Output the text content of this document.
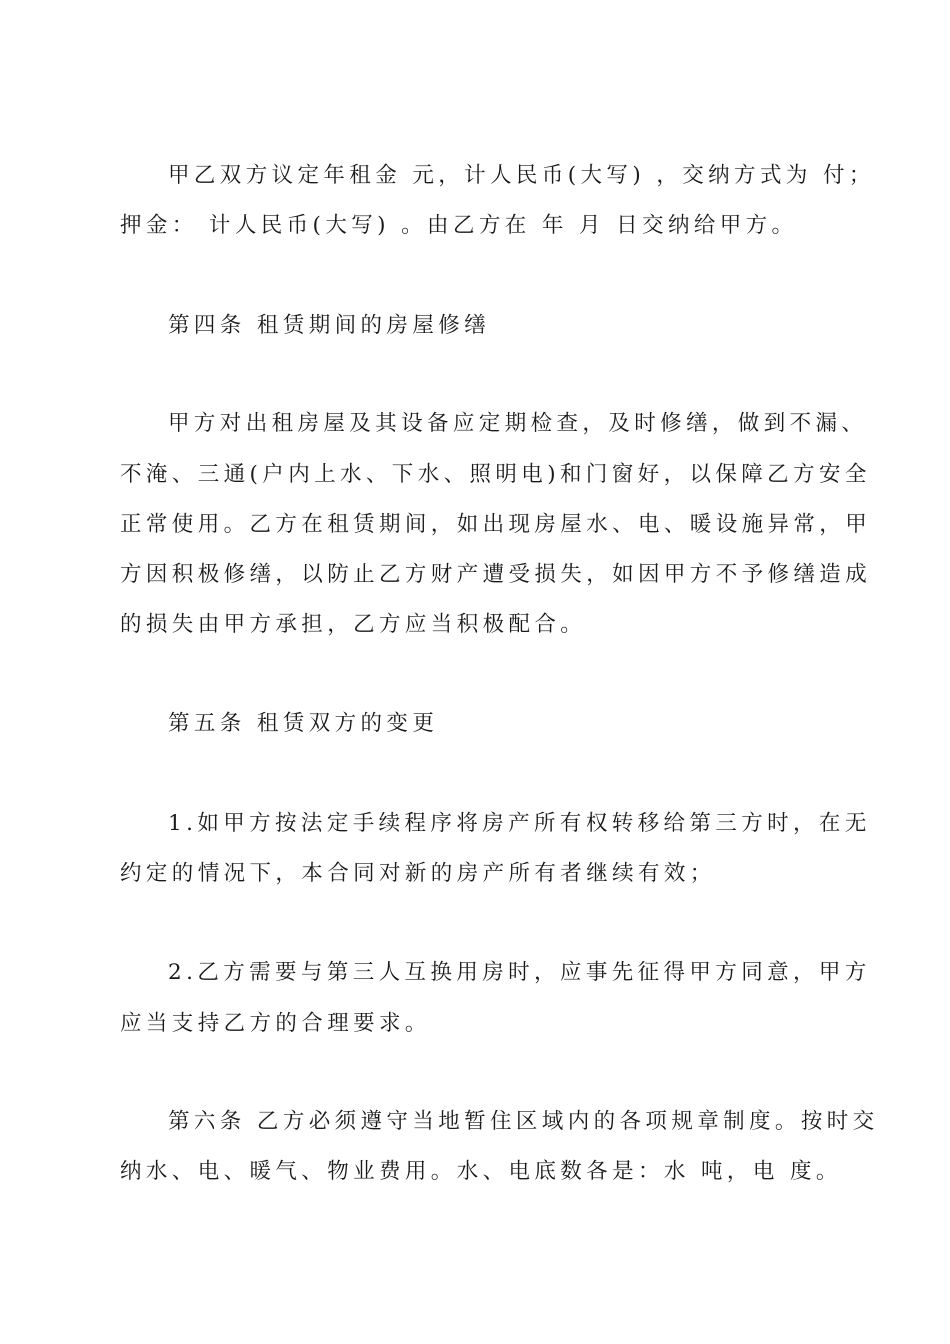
甲乙双方议定年租金 元，计人民币(大写) ，交纳方式为 付；
押金： 计人民币(大写) 。由乙方在 年 月 日交纳给甲方。
第四条 租赁期间的房屋修缮
甲方对出租房屋及其设备应定期检查，及时修缮，做到不漏、
不淹、三通(户内上水、下水、照明电)和门窗好，以保障乙方安全
正常使用。乙方在租赁期间，如出现房屋水、电、暖设施异常，甲
方因积极修缮，以防止乙方财产遭受损失，如因甲方不予修缮造成
的损失由甲方承担，乙方应当积极配合。
第五条 租赁双方的变更
1.如甲方按法定手续程序将房产所有权转移给第三方时，在无
约定的情况下，本合同对新的房产所有者继续有效；
2.乙方需要与第三人互换用房时，应事先征得甲方同意，甲方
应当支持乙方的合理要求。
第六条 乙方必须遵守当地暂住区域内的各项规章制度。按时交
纳水、电、暖气、物业费用。水、电底数各是：水 吨，电 度。
